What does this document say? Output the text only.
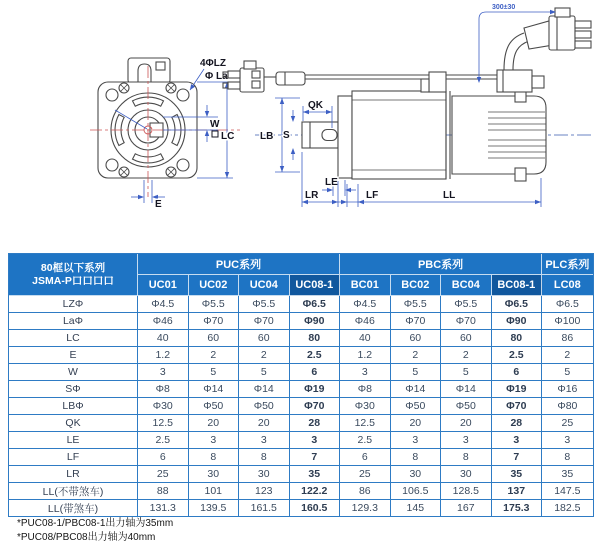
4ΦLZ
Φ La
W
LC
E
300±30
QK
LB S
LE
LR	LF	LL
80框以下系列
JSMA-P口口口口	PUC系列				PBC系列				PLC系列
	UC01	UC02	UC04	UC08-1	BC01	BC02	BC04	BC08-1	LC08
LZΦ	Φ4.5	Φ5.5	Φ5.5	Φ6.5	Φ4.5	Φ5.5	Φ5.5	Φ6.5	Φ6.5
LaΦ	Φ46	Φ70	Φ70	Φ90	Φ46	Φ70	Φ70	Φ90	Φ100
LC	40	60	60	80	40	60	60	80	86
E	1.2	2	2	2.5	1.2	2	2	2.5	2
W	3	5	5	6	3	5	5	6	5
SΦ	Φ8	Φ14	Φ14	Φ19	Φ8	Φ14	Φ14	Φ19	Φ16
LBΦ	Φ30	Φ50	Φ50	Φ70	Φ30	Φ50	Φ50	Φ70	Φ80
QK	12.5	20	20	28	12.5	20	20	28	25
LE	2.5	3	3	3	2.5	3	3	3	3
LF	6	8	8	7	6	8	8	7	8
LR	25	30	30	35	25	30	30	35	35
LL(不带煞车)	88	101	123	122.2	86	106.5	128.5	137	147.5
LL(带煞车)	131.3	139.5	161.5	160.5	129.3	145	167	175.3	182.5
*PUC08-1/PBC08-1出力轴为35mm
*PUC08/PBC08出力轴为40mm
